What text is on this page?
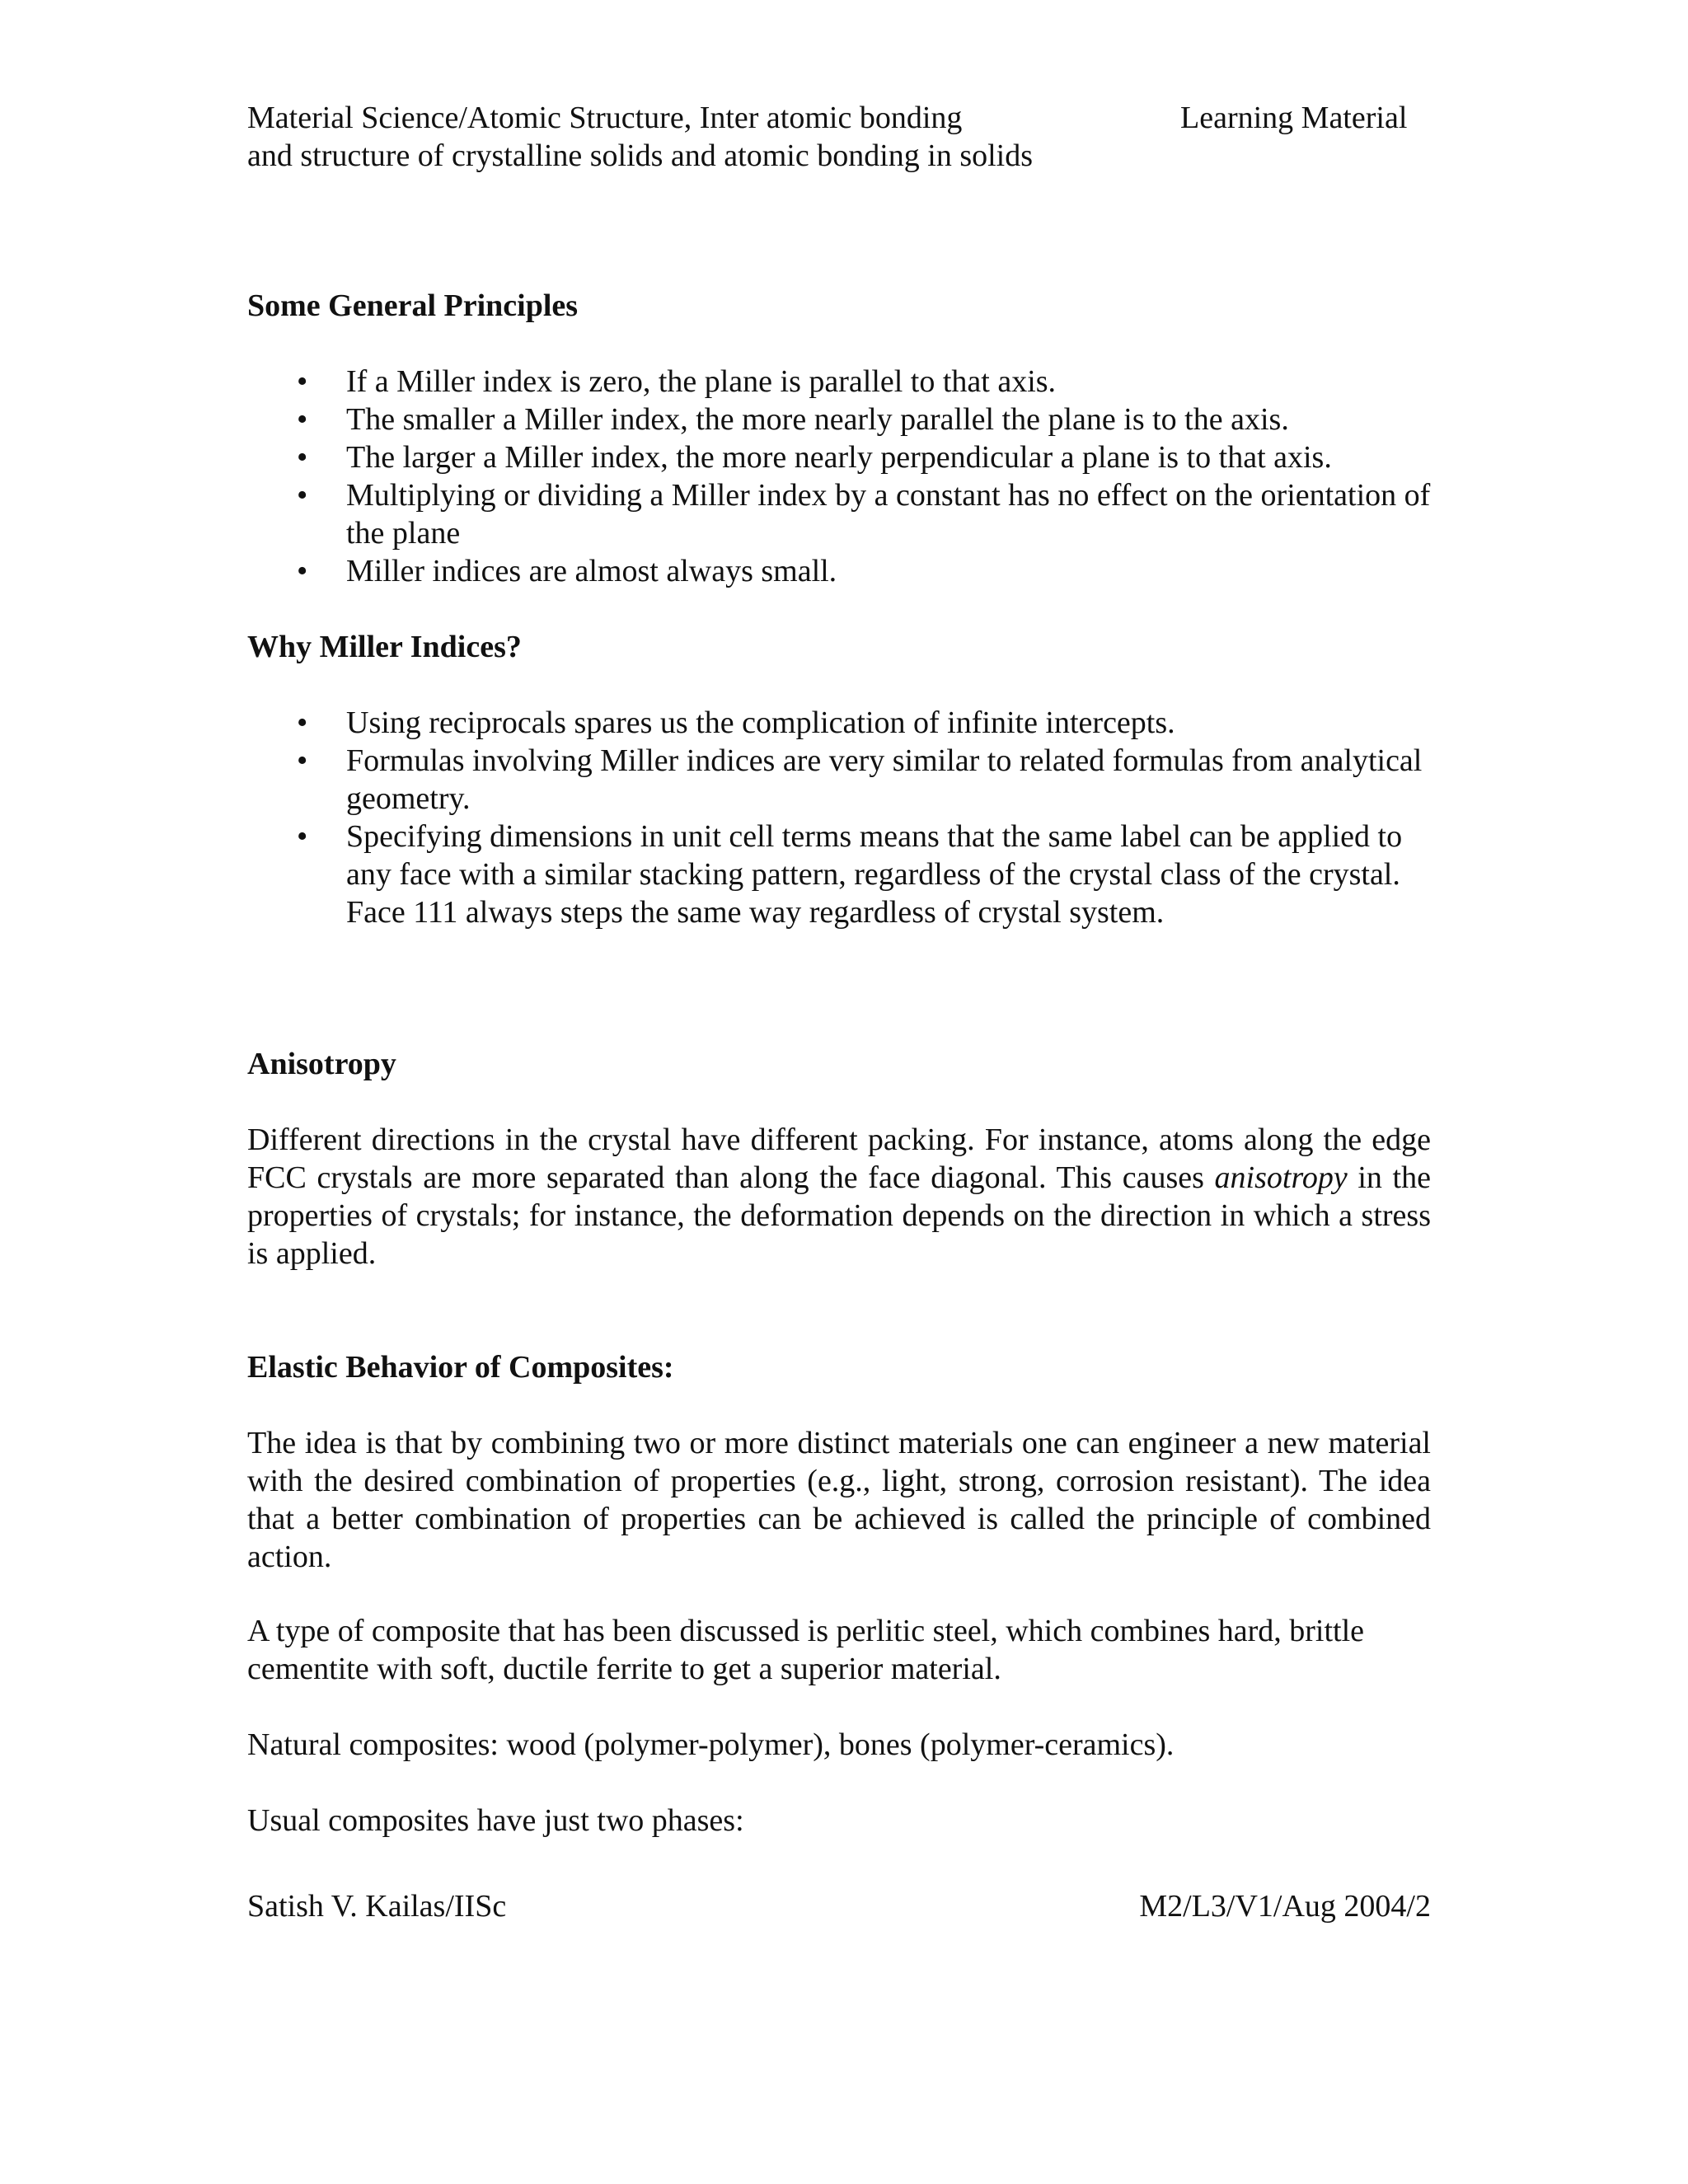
Material Science/Atomic Structure, Inter atomic bonding
and structure of crystalline solids and atomic bonding in solids
Learning Material
Some General Principles
• If a Miller index is zero, the plane is parallel to that axis.
• The smaller a Miller index, the more nearly parallel the plane is to the axis.
• The larger a Miller index, the more nearly perpendicular a plane is to that axis.
• Multiplying or dividing a Miller index by a constant has no effect on the orientation of the plane
• Miller indices are almost always small.
Why Miller Indices?
• Using reciprocals spares us the complication of infinite intercepts.
• Formulas involving Miller indices are very similar to related formulas from analytical geometry.
• Specifying dimensions in unit cell terms means that the same label can be applied to any face with a similar stacking pattern, regardless of the crystal class of the crystal. Face 111 always steps the same way regardless of crystal system.
Anisotropy

Different directions in the crystal have different packing. For instance, atoms along the edge FCC crystals are more separated than along the face diagonal. This causes anisotropy in the properties of crystals; for instance, the deformation depends on the direction in which a stress is applied.

Elastic Behavior of Composites:

The idea is that by combining two or more distinct materials one can engineer a new material with the desired combination of properties (e.g., light, strong, corrosion resistant). The idea that a better combination of properties can be achieved is called the principle of combined action.

A type of composite that has been discussed is perlitic steel, which combines hard, brittle cementite with soft, ductile ferrite to get a superior material.

Natural composites: wood (polymer-polymer), bones (polymer-ceramics).

Usual composites have just two phases:

Satish V. Kailas/IISc	M2/L3/V1/Aug 2004/2
